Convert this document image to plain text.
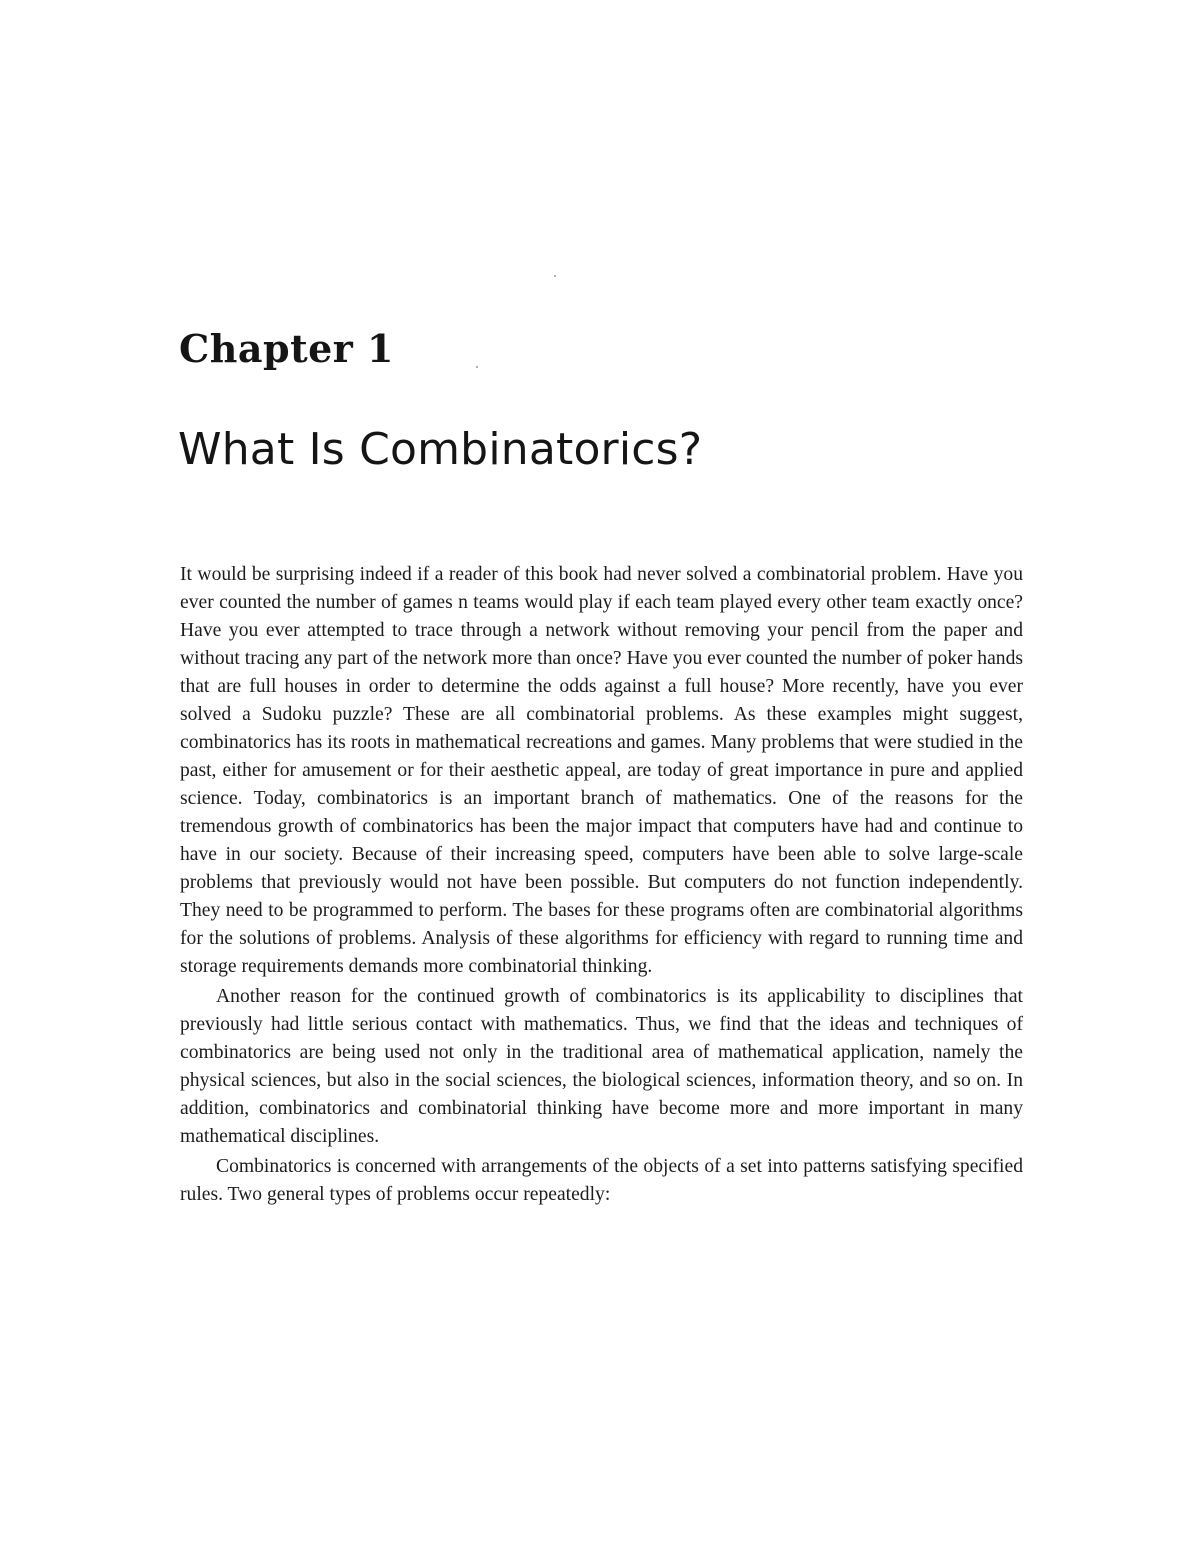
Chapter 1
What Is Combinatorics?

It would be surprising indeed if a reader of this book had never solved a combinatorial problem. Have you ever counted the number of games n teams would play if each team played every other team exactly once? Have you ever attempted to trace through a network without removing your pencil from the paper and without tracing any part of the network more than once? Have you ever counted the number of poker hands that are full houses in order to determine the odds against a full house? More recently, have you ever solved a Sudoku puzzle? These are all combinatorial problems. As these examples might suggest, combinatorics has its roots in mathematical recreations and games. Many problems that were studied in the past, either for amusement or for their aesthetic appeal, are today of great importance in pure and applied science. Today, combinatorics is an important branch of mathematics. One of the reasons for the tremendous growth of combinatorics has been the major impact that computers have had and continue to have in our society. Because of their increasing speed, computers have been able to solve large-scale problems that previously would not have been possible. But computers do not function independently. They need to be programmed to perform. The bases for these programs often are combinatorial algorithms for the solutions of problems. Analysis of these algorithms for efficiency with regard to running time and storage requirements demands more combinatorial thinking.

Another reason for the continued growth of combinatorics is its applicability to disciplines that previously had little serious contact with mathematics. Thus, we find that the ideas and techniques of combinatorics are being used not only in the traditional area of mathematical application, namely the physical sciences, but also in the social sciences, the biological sciences, information theory, and so on. In addition, combinatorics and combinatorial thinking have become more and more important in many mathematical disciplines.

Combinatorics is concerned with arrangements of the objects of a set into patterns satisfying specified rules. Two general types of problems occur repeatedly:
